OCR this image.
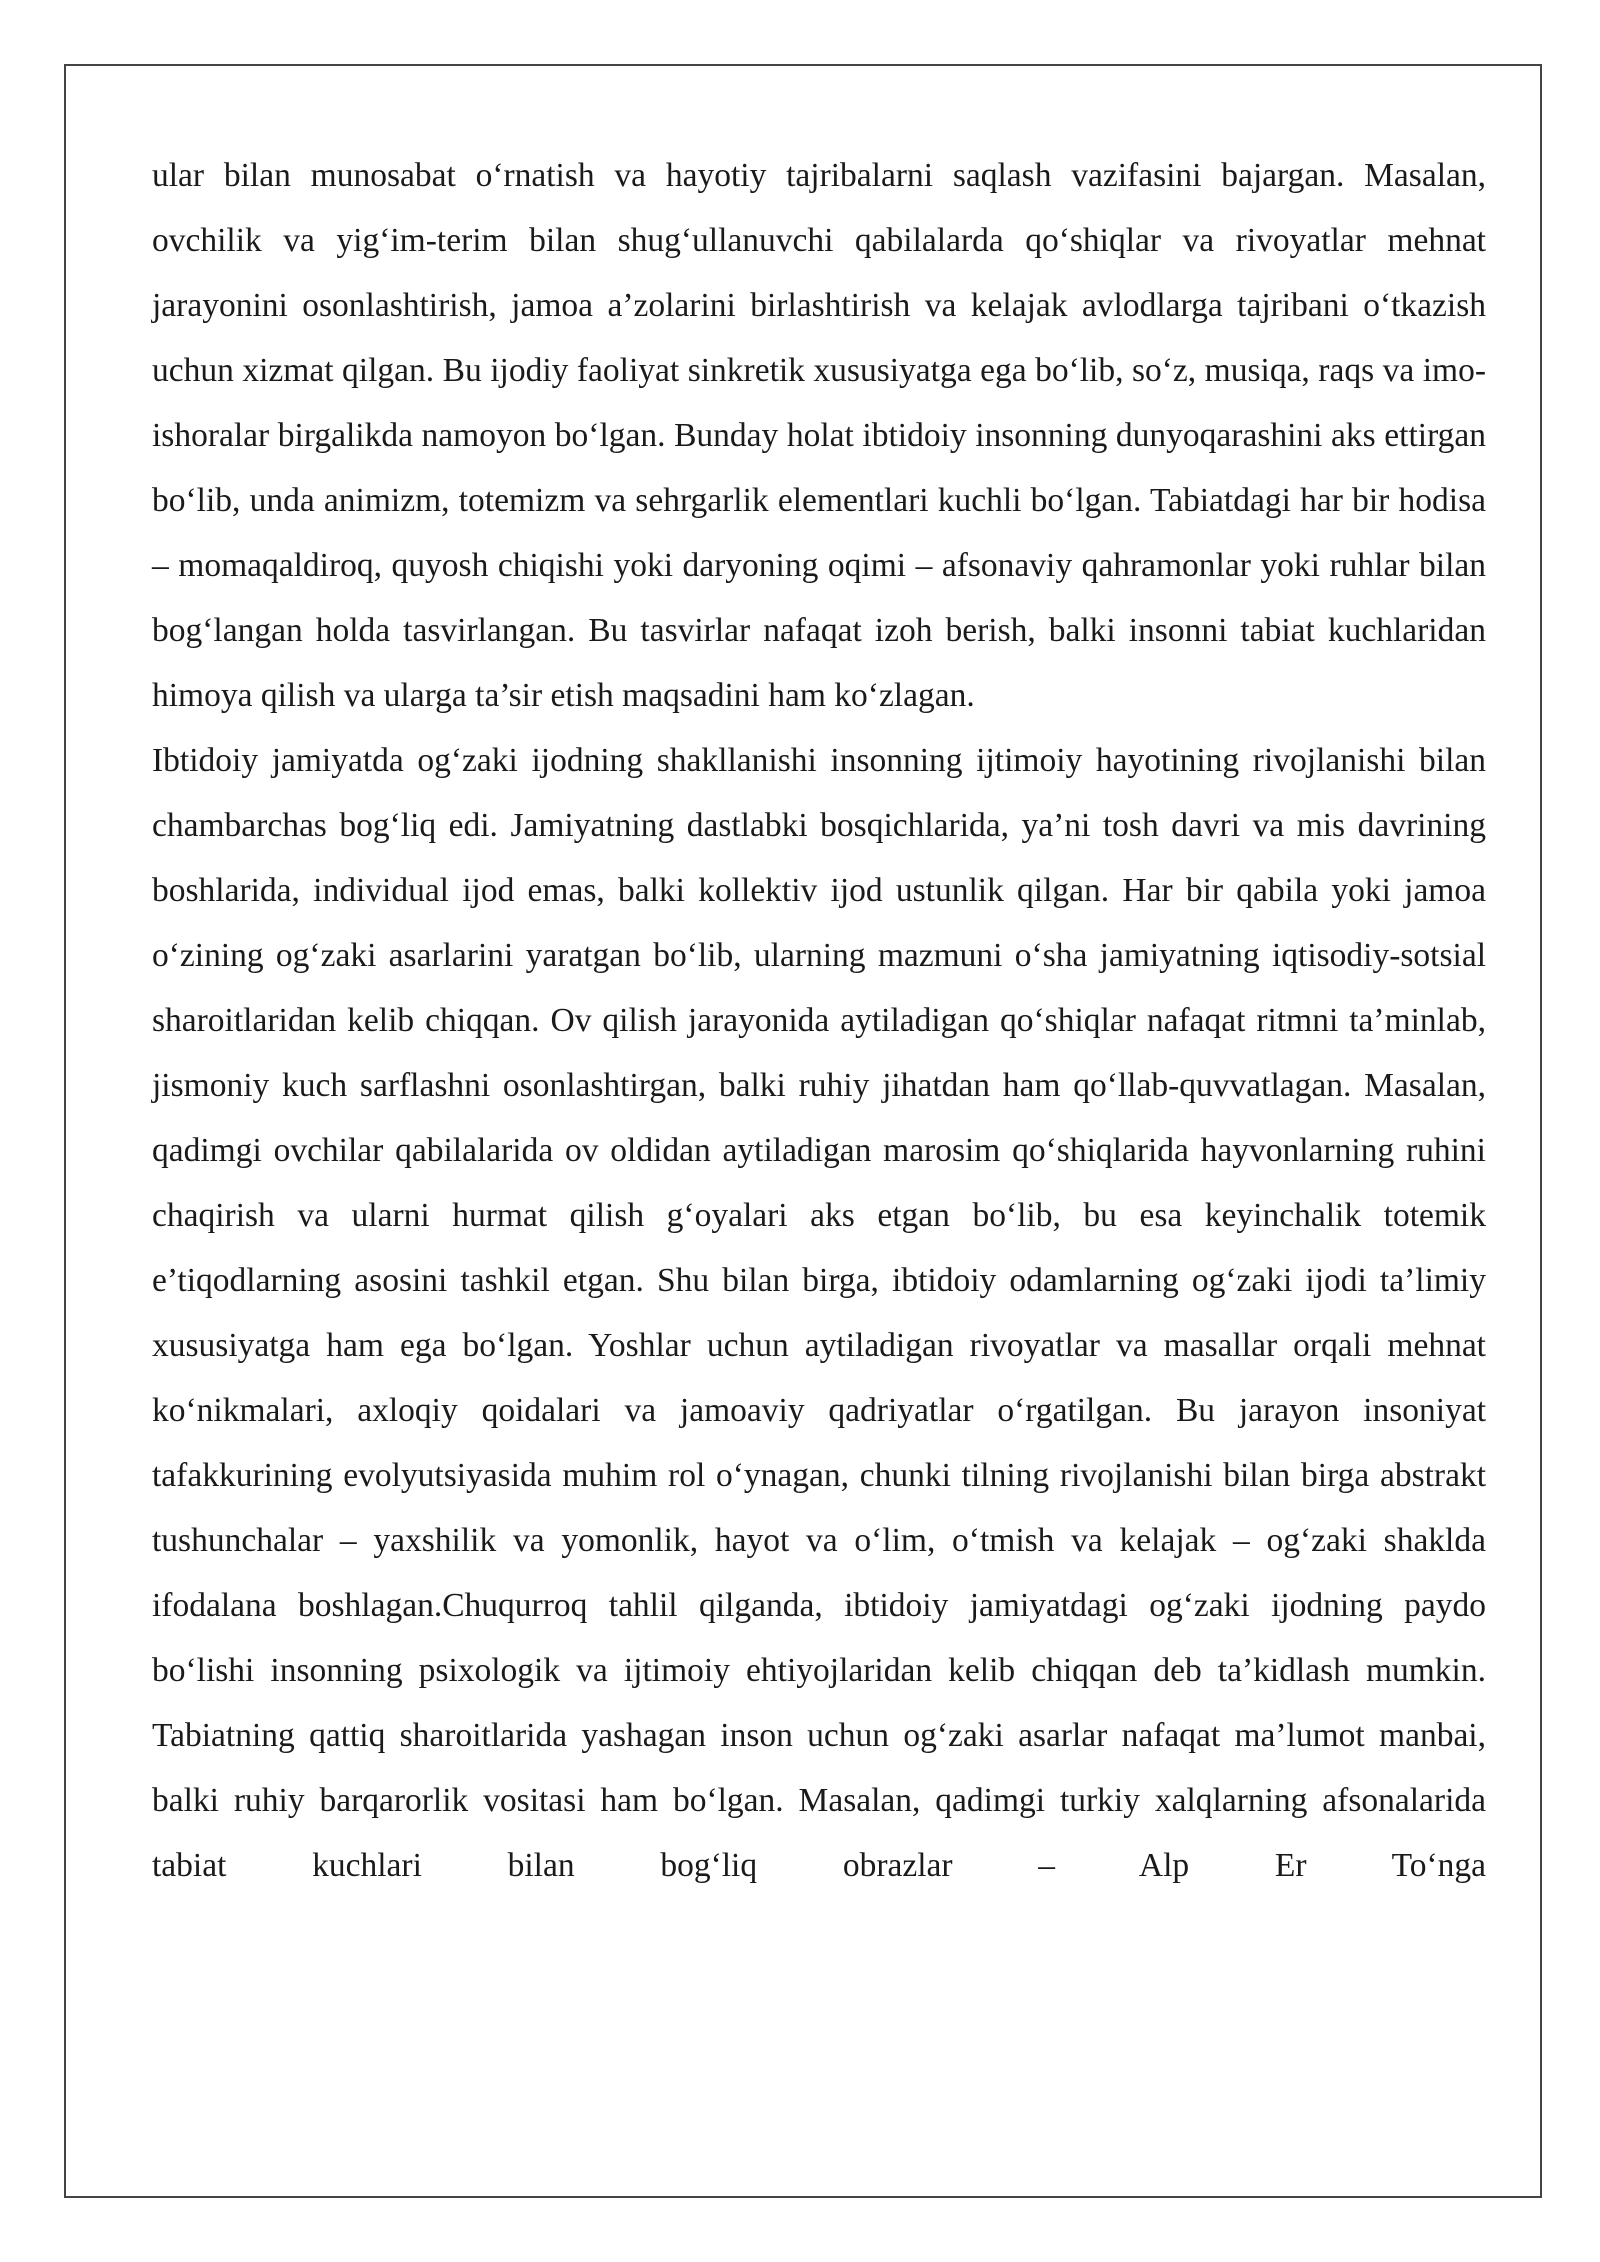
ular bilan munosabat o‘rnatish va hayotiy tajribalarni saqlash vazifasini bajargan. Masalan, ovchilik va yig‘im-terim bilan shug‘ullanuvchi qabilalarda qo‘shiqlar va rivoyatlar mehnat jarayonini osonlashtirish, jamoa a’zolarini birlashtirish va kelajak avlodlarga tajribani o‘tkazish uchun xizmat qilgan. Bu ijodiy faoliyat sinkretik xususiyatga ega bo‘lib, so‘z, musiqa, raqs va imo-ishoralar birgalikda namoyon bo‘lgan. Bunday holat ibtidoiy insonning dunyoqarashini aks ettirgan bo‘lib, unda animizm, totemizm va sehrgarlik elementlari kuchli bo‘lgan. Tabiatdagi har bir hodisa – momaqaldiroq, quyosh chiqishi yoki daryoning oqimi – afsonaviy qahramonlar yoki ruhlar bilan bog‘langan holda tasvirlangan. Bu tasvirlar nafaqat izoh berish, balki insonni tabiat kuchlaridan himoya qilish va ularga ta’sir etish maqsadini ham ko‘zlagan.

Ibtidoiy jamiyatda og‘zaki ijodning shakllanishi insonning ijtimoiy hayotining rivojlanishi bilan chambarchas bog‘liq edi. Jamiyatning dastlabki bosqichlarida, ya’ni tosh davri va mis davrining boshlarida, individual ijod emas, balki kollektiv ijod ustunlik qilgan. Har bir qabila yoki jamoa o‘zining og‘zaki asarlarini yaratgan bo‘lib, ularning mazmuni o‘sha jamiyatning iqtisodiy-sotsial sharoitlaridan kelib chiqqan. Ov qilish jarayonida aytiladigan qo‘shiqlar nafaqat ritmni ta’minlab, jismoniy kuch sarflashni osonlashtirgan, balki ruhiy jihatdan ham qo‘llab-quvvatlagan. Masalan, qadimgi ovchilar qabilalarida ov oldidan aytiladigan marosim qo‘shiqlarida hayvonlarning ruhini chaqirish va ularni hurmat qilish g‘oyalari aks etgan bo‘lib, bu esa keyinchalik totemik e’tiqodlarning asosini tashkil etgan. Shu bilan birga, ibtidoiy odamlarning og‘zaki ijodi ta’limiy xususiyatga ham ega bo‘lgan. Yoshlar uchun aytiladigan rivoyatlar va masallar orqali mehnat ko‘nikmalari, axloqiy qoidalari va jamoaviy qadriyatlar o‘rgatilgan. Bu jarayon insoniyat tafakkurining evolyutsiyasida muhim rol o‘ynagan, chunki tilning rivojlanishi bilan birga abstrakt tushunchalar – yaxshilik va yomonlik, hayot va o‘lim, o‘tmish va kelajak – og‘zaki shaklda ifodalana boshlagan.Chuqurroq tahlil qilganda, ibtidoiy jamiyatdagi og‘zaki ijodning paydo bo‘lishi insonning psixologik va ijtimoiy ehtiyojlaridan kelib chiqqan deb ta’kidlash mumkin. Tabiatning qattiq sharoitlarida yashagan inson uchun og‘zaki asarlar nafaqat ma’lumot manbai, balki ruhiy barqarorlik vositasi ham bo‘lgan. Masalan, qadimgi turkiy xalqlarning afsonalarida tabiat kuchlari bilan bog‘liq obrazlar – Alp Er To‘nga
